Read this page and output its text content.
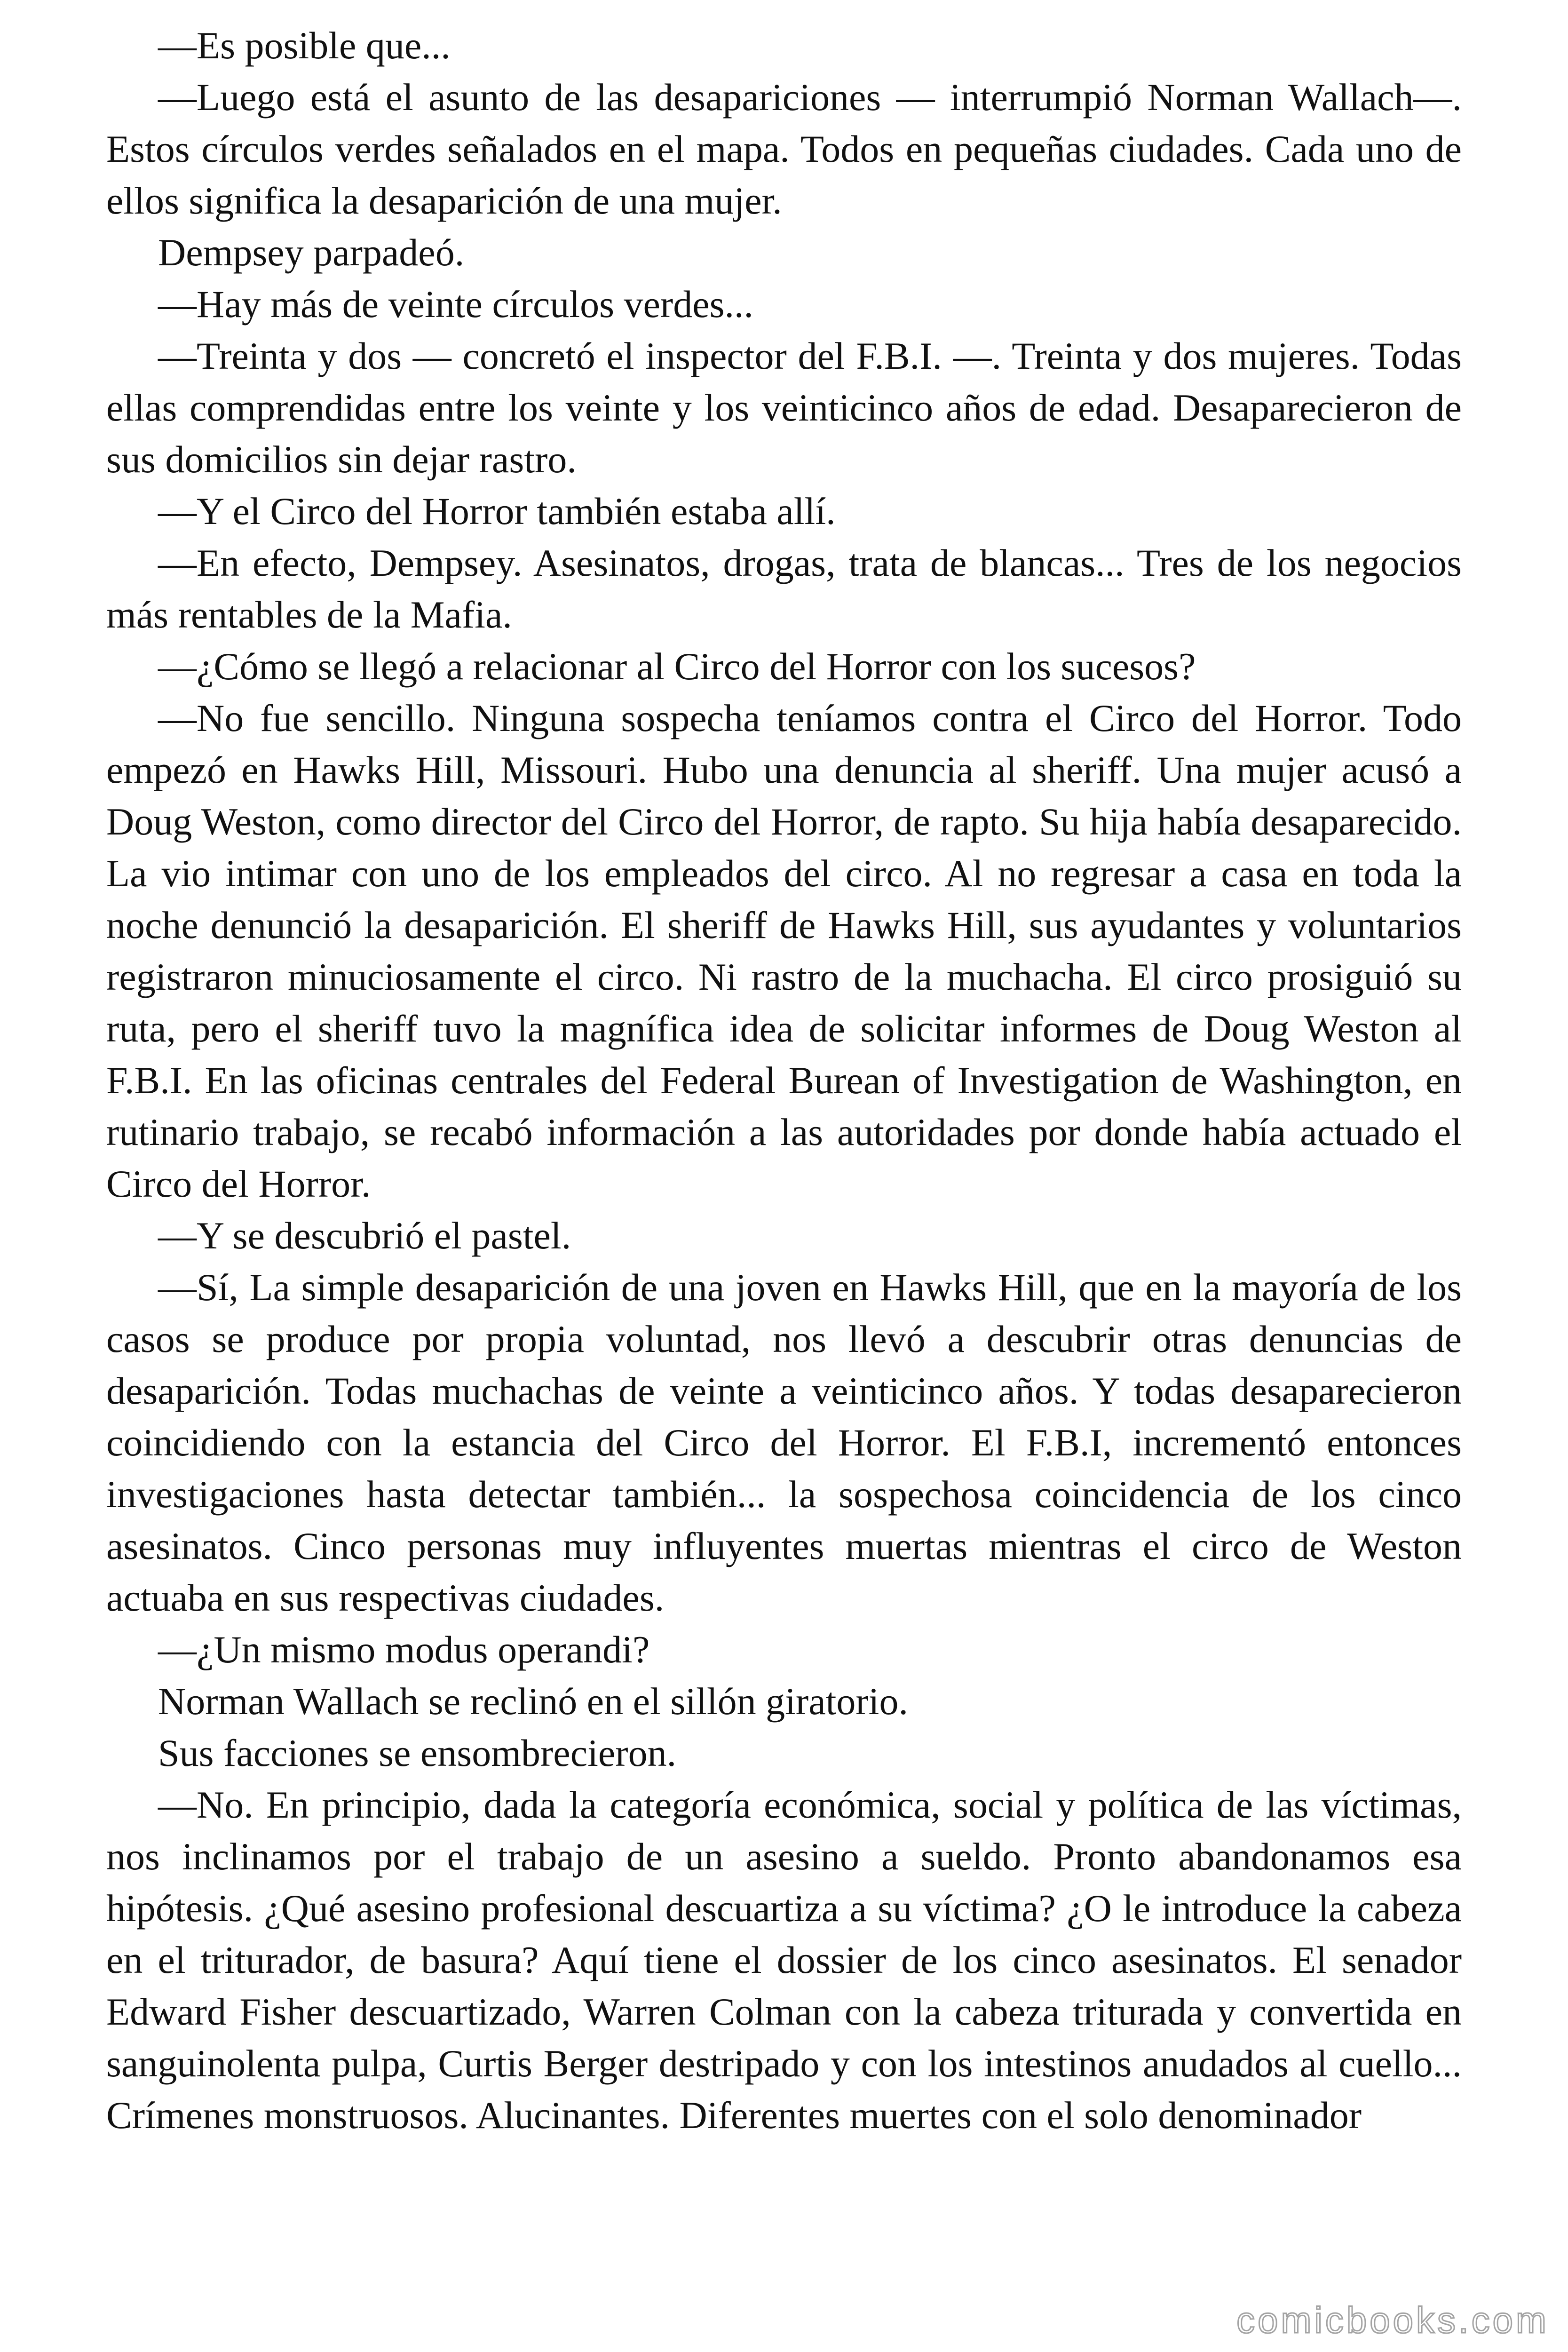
—Es posible que...

—Luego está el asunto de las desapariciones — interrumpió Norman Wallach—. Estos círculos verdes señalados en el mapa. Todos en pequeñas ciudades. Cada uno de ellos significa la desaparición de una mujer.

Dempsey parpadeó.

—Hay más de veinte círculos verdes...

—Treinta y dos — concretó el inspector del F.B.I. —. Treinta y dos mujeres. Todas ellas comprendidas entre los veinte y los veinticinco años de edad. Desaparecieron de sus domicilios sin dejar rastro.

—Y el Circo del Horror también estaba allí.

—En efecto, Dempsey. Asesinatos, drogas, trata de blancas... Tres de los negocios más rentables de la Mafia.

—¿Cómo se llegó a relacionar al Circo del Horror con los sucesos?

—No fue sencillo. Ninguna sospecha teníamos contra el Circo del Horror. Todo empezó en Hawks Hill, Missouri. Hubo una denuncia al sheriff. Una mujer acusó a Doug Weston, como director del Circo del Horror, de rapto. Su hija había desaparecido. La vio intimar con uno de los empleados del circo. Al no regresar a casa en toda la noche denunció la desaparición. El sheriff de Hawks Hill, sus ayudantes y voluntarios registraron minuciosamente el circo. Ni rastro de la muchacha. El circo prosiguió su ruta, pero el sheriff tuvo la magnífica idea de solicitar informes de Doug Weston al F.B.I. En las oficinas centrales del Federal Burean of Investigation de Washington, en rutinario trabajo, se recabó información a las autoridades por donde había actuado el Circo del Horror.

—Y se descubrió el pastel.

—Sí, La simple desaparición de una joven en Hawks Hill, que en la mayoría de los casos se produce por propia voluntad, nos llevó a descubrir otras denuncias de desaparición. Todas muchachas de veinte a veinticinco años. Y todas desaparecieron coincidiendo con la estancia del Circo del Horror. El F.B.I, incrementó entonces investigaciones hasta detectar también... la sospechosa coincidencia de los cinco asesinatos. Cinco personas muy influyentes muertas mientras el circo de Weston actuaba en sus respectivas ciudades.

—¿Un mismo modus operandi?

Norman Wallach se reclinó en el sillón giratorio.

Sus facciones se ensombrecieron.

—No. En principio, dada la categoría económica, social y política de las víctimas, nos inclinamos por el trabajo de un asesino a sueldo. Pronto abandonamos esa hipótesis. ¿Qué asesino profesional descuartiza a su víctima? ¿O le introduce la cabeza en el triturador, de basura? Aquí tiene el dossier de los cinco asesinatos. El senador Edward Fisher descuartizado, Warren Colman con la cabeza triturada y convertida en sanguinolenta pulpa, Curtis Berger destripado y con los intestinos anudados al cuello... Crímenes monstruosos. Alucinantes. Diferentes muertes con el solo denominador

comicbooks.com
